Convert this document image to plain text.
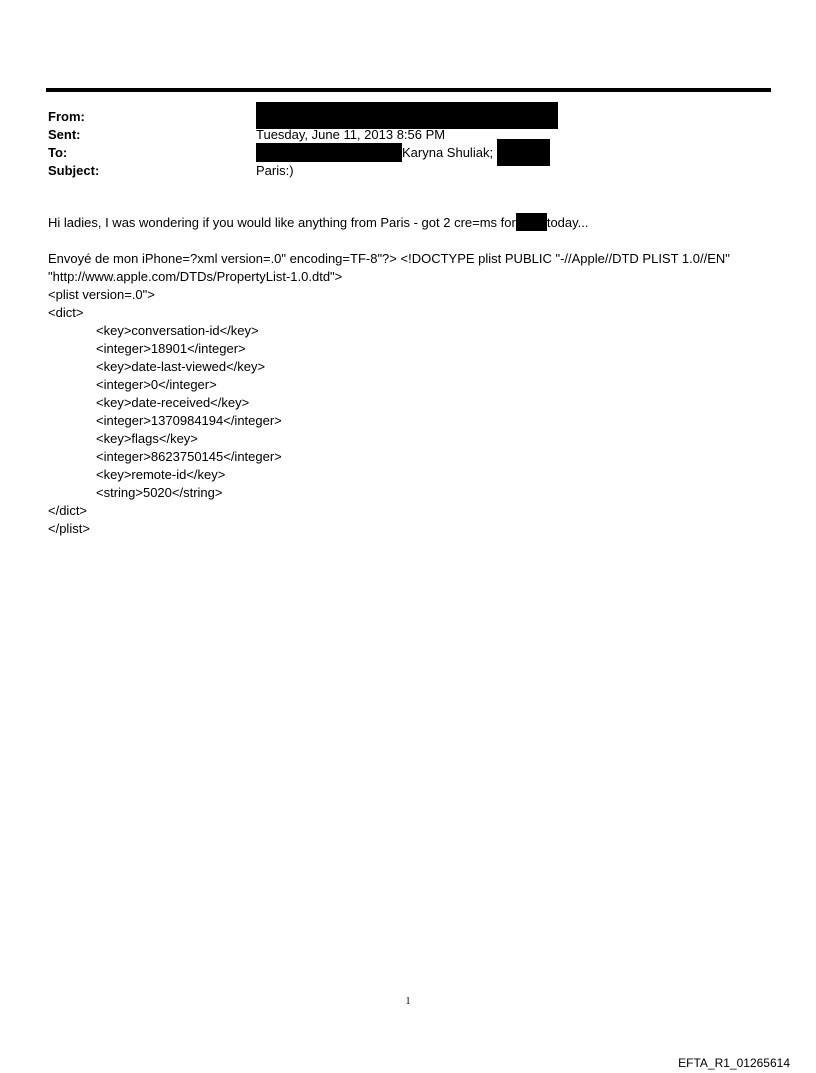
From:
Sent:	Tuesday, June 11, 2013 8:56 PM
To:	Karyna Shuliak;
Subject:	Paris:)
Hi ladies, I was wondering if you would like anything from Paris - got 2 cre=ms for today...
Envoyé de mon iPhone=?xml version=.0" encoding=TF-8"?> <!DOCTYPE plist PUBLIC "-//Apple//DTD PLIST 1.0//EN"
"http://www.apple.com/DTDs/PropertyList-1.0.dtd">
<plist version=.0">
<dict>
<key>conversation-id</key>
<integer>18901</integer>
<key>date-last-viewed</key>
<integer>0</integer>
<key>date-received</key>
<integer>1370984194</integer>
<key>flags</key>
<integer>8623750145</integer>
<key>remote-id</key>
<string>5020</string>
</dict>
</plist>
1
EFTA_R1_01265614
